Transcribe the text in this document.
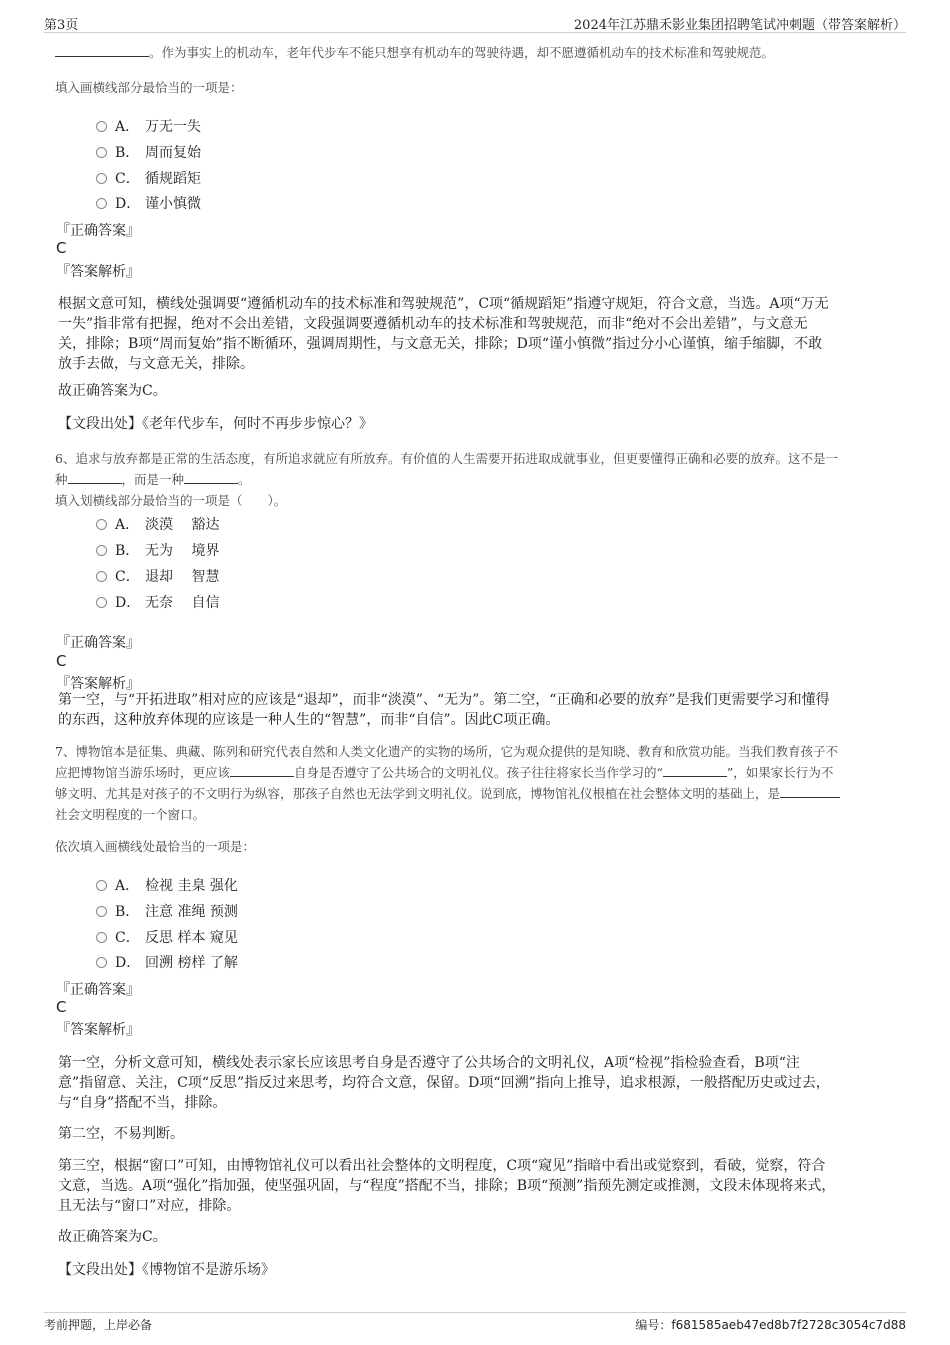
第3页	2024年江苏鼎禾影业集团招聘笔试冲刺题（带答案解析）
。作为事实上的机动车，老年代步车不能只想享有机动车的驾驶待遇，却不愿遵循机动车的技术标准和驾驶规范。
填入画横线部分最恰当的一项是：
A． 万无一失
B． 周而复始
C． 循规蹈矩
D． 谨小慎微
『正确答案』
C
『答案解析』
根据文意可知，横线处强调要“遵循机动车的技术标准和驾驶规范”，C项“循规蹈矩”指遵守规矩，符合文意，当选。A项“万无
一失”指非常有把握，绝对不会出差错，文段强调要遵循机动车的技术标准和驾驶规范，而非“绝对不会出差错”，与文意无
关，排除；B项“周而复始”指不断循环，强调周期性，与文意无关，排除；D项“谨小慎微”指过分小心谨慎，缩手缩脚，不敢
放手去做，与文意无关，排除。
故正确答案为C。
【文段出处】《老年代步车，何时不再步步惊心？》
6、追求与放弃都是正常的生活态度，有所追求就应有所放弃。有价值的人生需要开拓进取成就事业，但更要懂得正确和必要的放弃。这不是一
种	，而是一种	。
填入划横线部分最恰当的一项是（　　）。
A． 淡漠　 豁达
B． 无为　 境界
C． 退却　 智慧
D． 无奈　 自信
『正确答案』
C
『答案解析』
第一空，与“开拓进取”相对应的应该是“退却”，而非“淡漠”、“无为”。第二空，“正确和必要的放弃”是我们更需要学习和懂得
的东西，这种放弃体现的应该是一种人生的“智慧”，而非“自信”。因此C项正确。
7、博物馆本是征集、典藏、陈列和研究代表自然和人类文化遗产的实物的场所，它为观众提供的是知晓、教育和欣赏功能。当我们教育孩子不
应把博物馆当游乐场时，更应该	自身是否遵守了公共场合的文明礼仪。孩子往往将家长当作学习的“	”，如果家长行为不
够文明、尤其是对孩子的不文明行为纵容，那孩子自然也无法学到文明礼仪。说到底，博物馆礼仪根植在社会整体文明的基础上，是
社会文明程度的一个窗口。
依次填入画横线处最恰当的一项是：
A． 检视 圭臬 强化
B． 注意 准绳 预测
C． 反思 样本 窥见
D． 回溯 榜样 了解
『正确答案』
C
『答案解析』
第一空，分析文意可知，横线处表示家长应该思考自身是否遵守了公共场合的文明礼仪，A项“检视”指检验查看，B项“注
意”指留意、关注，C项“反思”指反过来思考，均符合文意，保留。D项“回溯”指向上推导，追求根源，一般搭配历史或过去，
与“自身”搭配不当，排除。
第二空，不易判断。
第三空，根据“窗口”可知，由博物馆礼仪可以看出社会整体的文明程度，C项“窥见”指暗中看出或觉察到，看破，觉察，符合
文意，当选。A项“强化”指加强，使坚强巩固，与“程度”搭配不当，排除；B项“预测”指预先测定或推测，文段未体现将来式，
且无法与“窗口”对应，排除。
故正确答案为C。
【文段出处】《博物馆不是游乐场》
考前押题，上岸必备	编号：f681585aeb47ed8b7f2728c3054c7d88
